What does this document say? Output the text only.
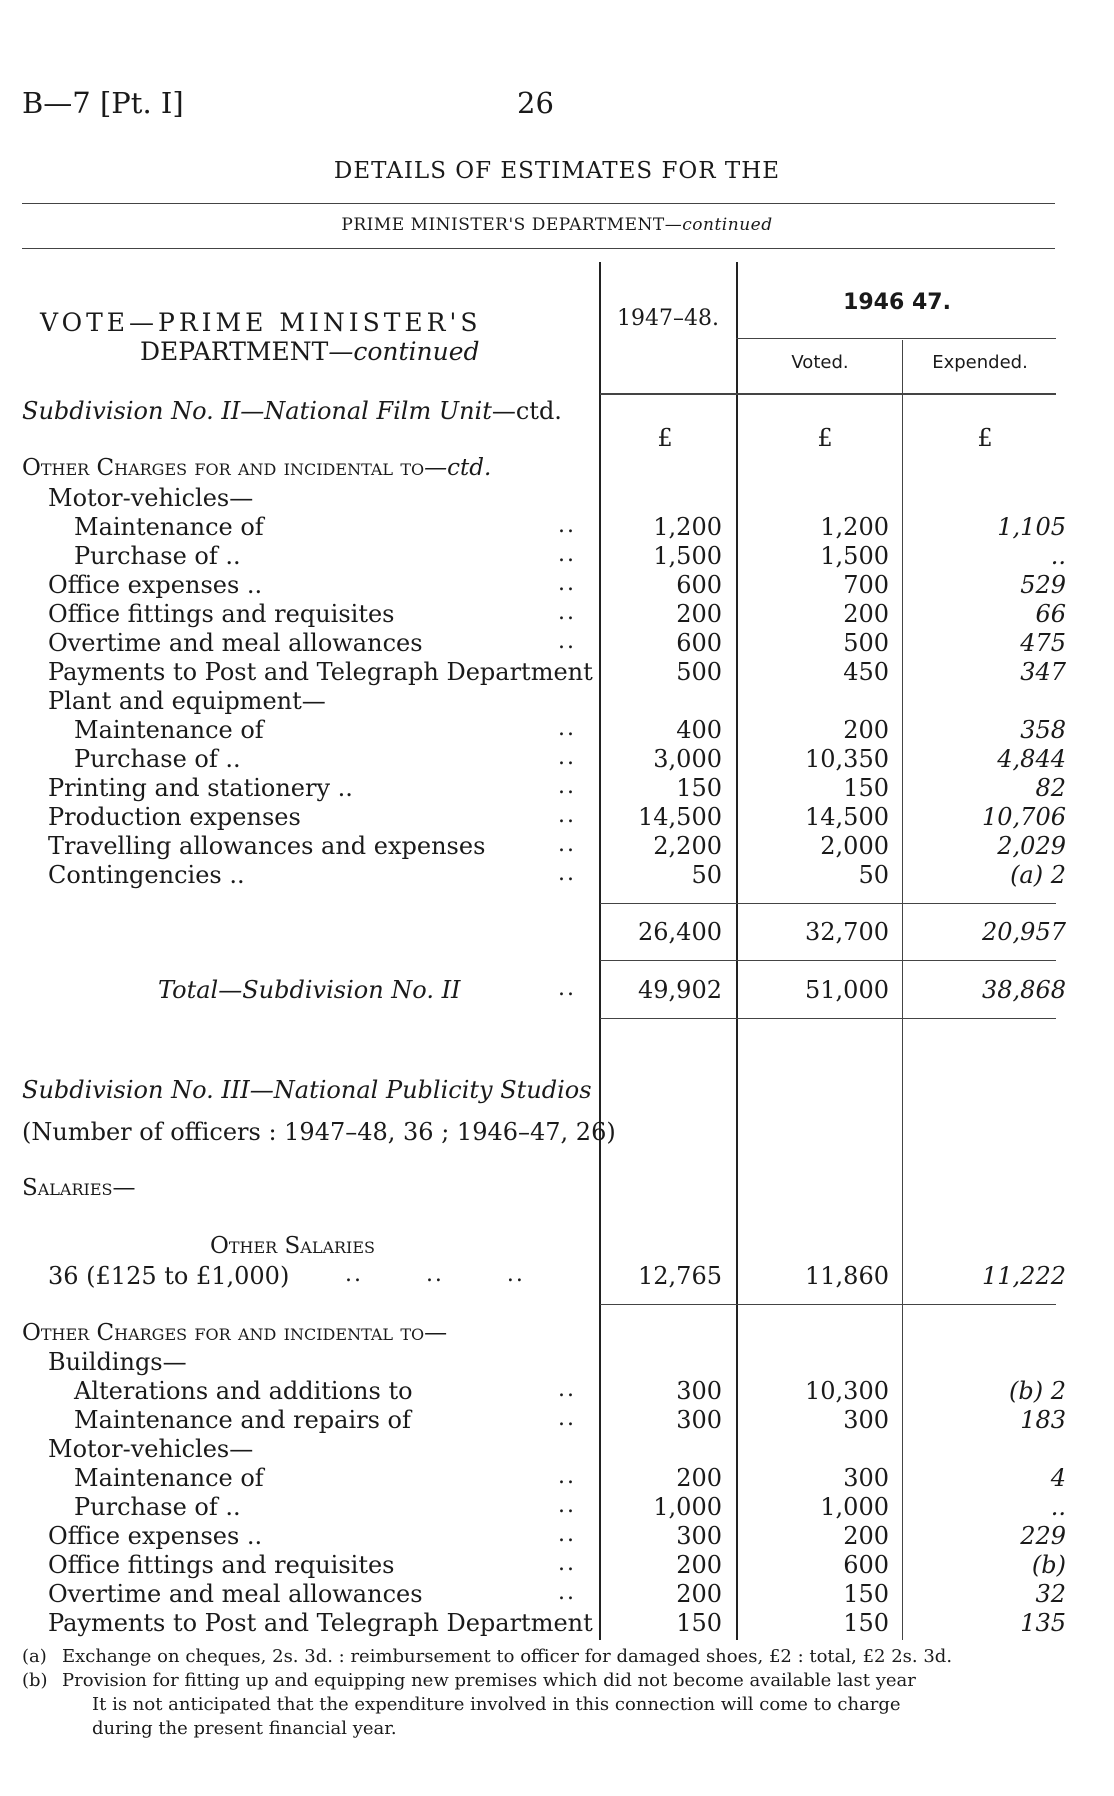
B—7 [Pt. I]	26
DETAILS OF ESTIMATES FOR THE
PRIME MINISTER'S DEPARTMENT—continued
VOTE—PRIME MINISTER'S
DEPARTMENT—continued
1947–48.
1946 47.
Voted.	Expended.
£	£	£
Subdivision No. II—National Film Unit—ctd.
Other Charges for and incidental to—ctd.
Motor-vehicles—
Maintenance of	..	1,200	1,200	1,105
Purchase of ..	..	1,500	1,500	..
Office expenses ..	..	600	700	529
Office fittings and requisites	..	200	200	66
Overtime and meal allowances	..	600	500	475
Payments to Post and Telegraph Department	500	450	347
Plant and equipment—
Maintenance of	..	400	200	358
Purchase of ..	..	3,000	10,350	4,844
Printing and stationery ..	..	150	150	82
Production expenses	..	14,500	14,500	10,706
Travelling allowances and expenses	..	2,200	2,000	2,029
Contingencies ..	..	50	50	(a) 2
26,400	32,700	20,957
Total—Subdivision No. II	..	49,902	51,000	38,868
Subdivision No. III—National Publicity Studios
(Number of officers : 1947–48, 36 ; 1946–47, 26)
Salaries—
Other Salaries
36 (£125 to £1,000)	..       ..       ..	12,765	11,860	11,222
Other Charges for and incidental to—
Buildings—
Alterations and additions to	..	300	10,300	(b) 2
Maintenance and repairs of	..	300	300	183
Motor-vehicles—
Maintenance of	..	200	300	4
Purchase of ..	..	1,000	1,000	..
Office expenses ..	..	300	200	229
Office fittings and requisites	..	200	600	(b)
Overtime and meal allowances	..	200	150	32
Payments to Post and Telegraph Department	150	150	135
(a) Exchange on cheques, 2s. 3d. : reimbursement to officer for damaged shoes, £2 : total, £2 2s. 3d.
(b) Provision for fitting up and equipping new premises which did not become available last year
It is not anticipated that the expenditure involved in this connection will come to charge
during the present financial year.
